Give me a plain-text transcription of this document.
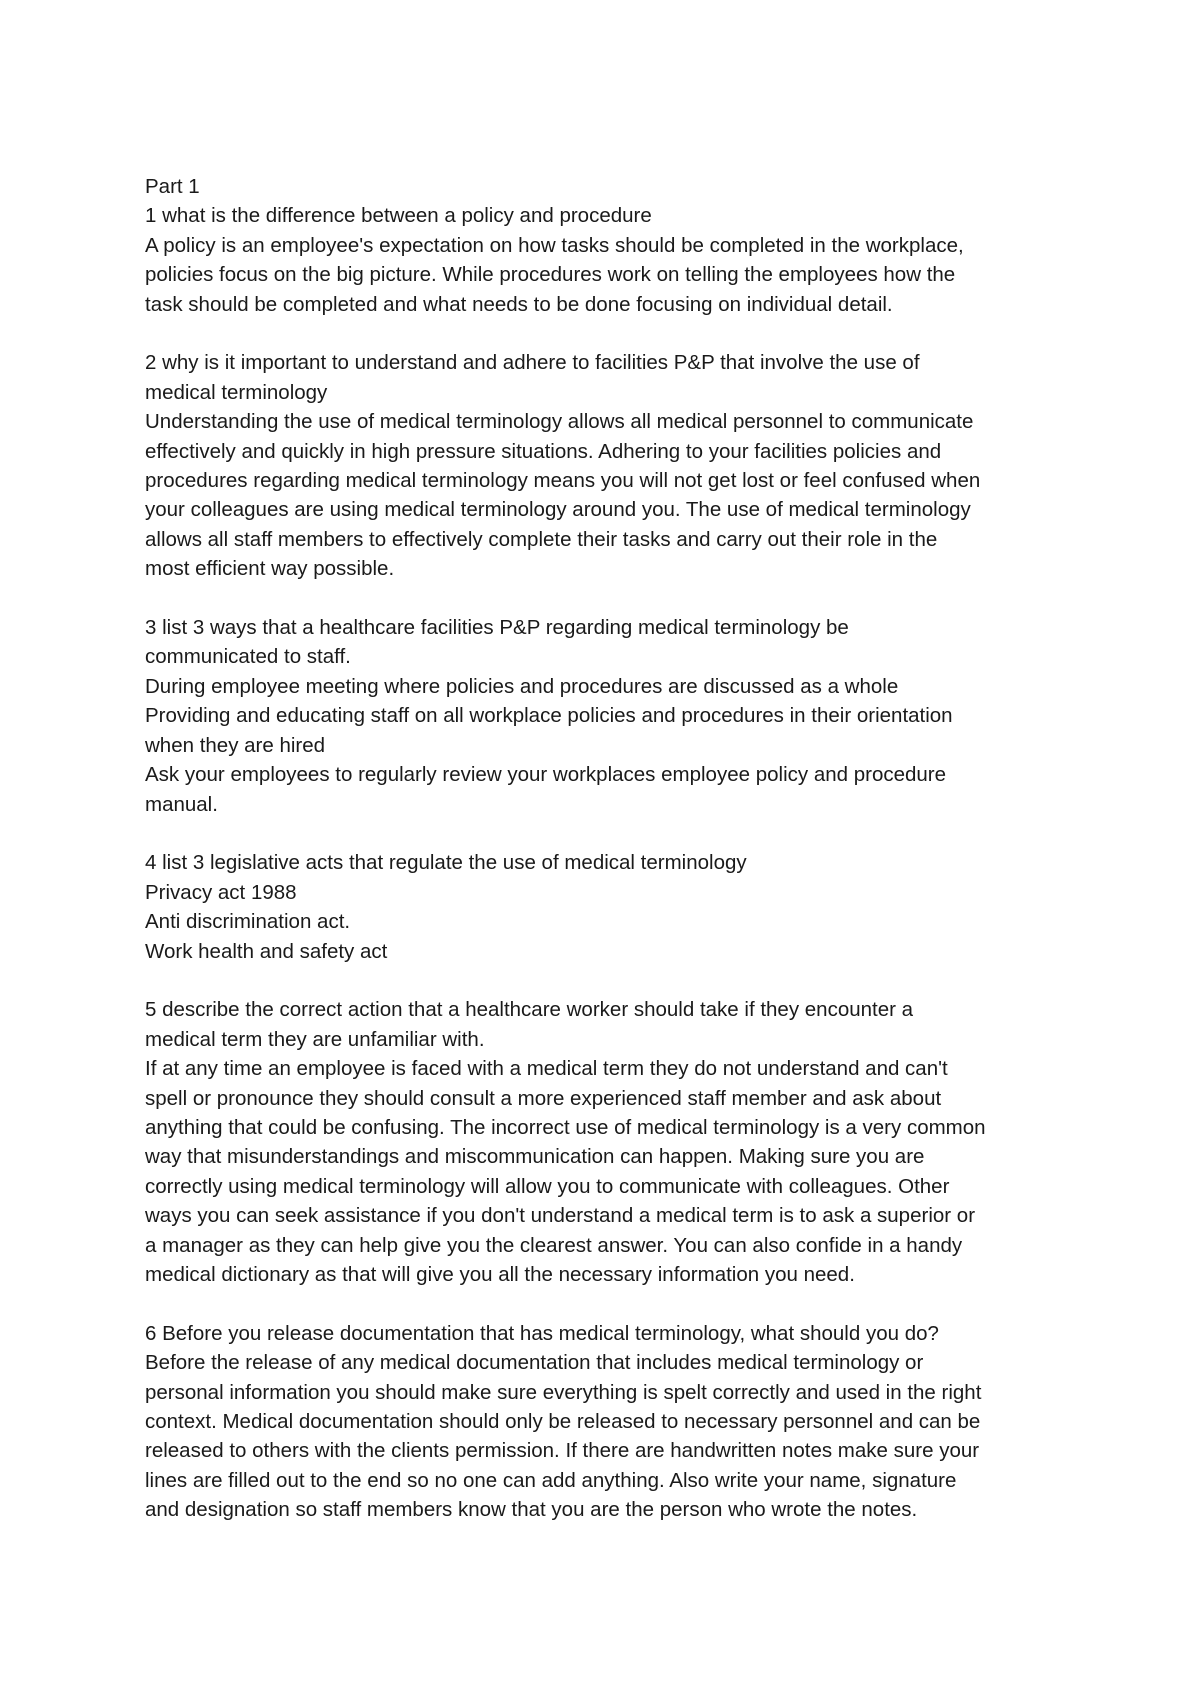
Part 1
1 what is the difference between a policy and procedure
A policy is an employee's expectation on how tasks should be completed in the workplace,
policies focus on the big picture. While procedures work on telling the employees how the
task should be completed and what needs to be done focusing on individual detail.
2 why is it important to understand and adhere to facilities P&P that involve the use of
medical terminology
Understanding the use of medical terminology allows all medical personnel to communicate
effectively and quickly in high pressure situations. Adhering to your facilities policies and
procedures regarding medical terminology means you will not get lost or feel confused when
your colleagues are using medical terminology around you. The use of medical terminology
allows all staff members to effectively complete their tasks and carry out their role in the
most efficient way possible.
3 list 3 ways that a healthcare facilities P&P regarding medical terminology be
communicated to staff.
During employee meeting where policies and procedures are discussed as a whole
Providing and educating staff on all workplace policies and procedures in their orientation
when they are hired
Ask your employees to regularly review your workplaces employee policy and procedure
manual.
4 list 3 legislative acts that regulate the use of medical terminology
Privacy act 1988
Anti discrimination act.
Work health and safety act
5 describe the correct action that a healthcare worker should take if they encounter a
medical term they are unfamiliar with.
If at any time an employee is faced with a medical term they do not understand and can't
spell or pronounce they should consult a more experienced staff member and ask about
anything that could be confusing. The incorrect use of medical terminology is a very common
way that misunderstandings and miscommunication can happen. Making sure you are
correctly using medical terminology will allow you to communicate with colleagues. Other
ways you can seek assistance if you don't understand a medical term is to ask a superior or
a manager as they can help give you the clearest answer. You can also confide in a handy
medical dictionary as that will give you all the necessary information you need.
6 Before you release documentation that has medical terminology, what should you do?
Before the release of any medical documentation that includes medical terminology or
personal information you should make sure everything is spelt correctly and used in the right
context. Medical documentation should only be released to necessary personnel and can be
released to others with the clients permission. If there are handwritten notes make sure your
lines are filled out to the end so no one can add anything. Also write your name, signature
and designation so staff members know that you are the person who wrote the notes.
